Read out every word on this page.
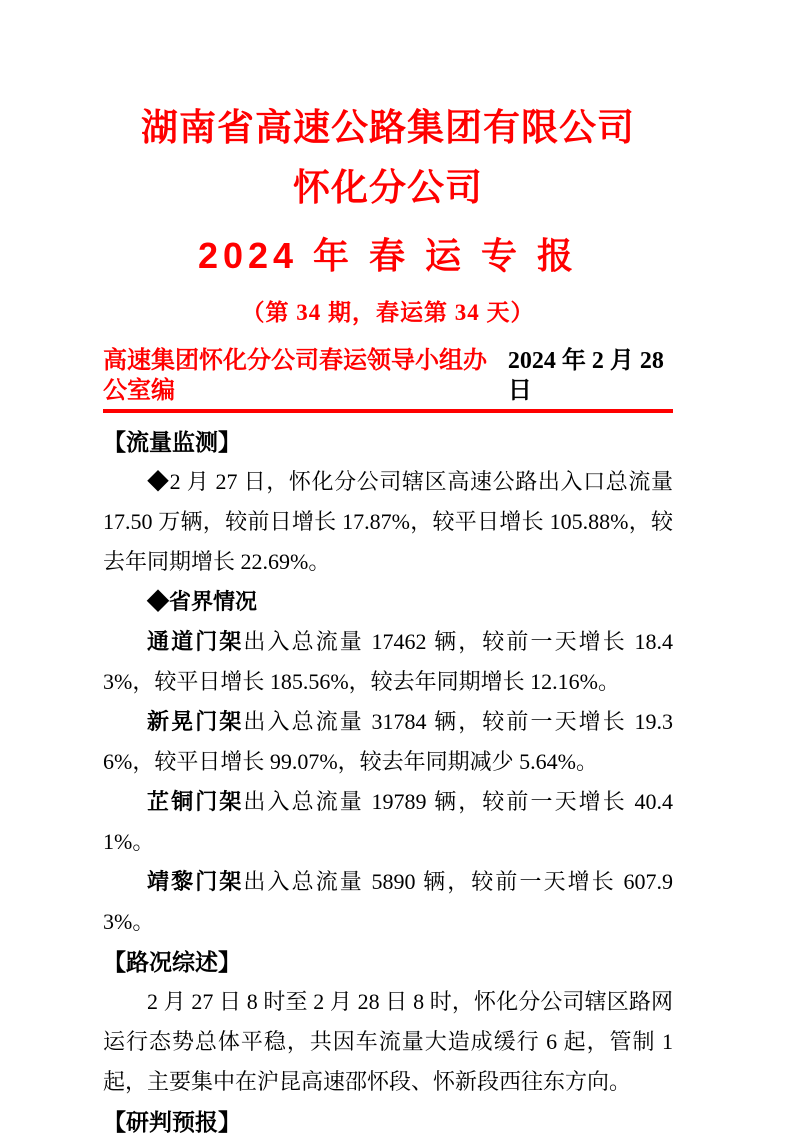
湖南省高速公路集团有限公司
怀化分公司
2024 年 春 运 专 报
（第 34 期，春运第 34 天）
高速集团怀化分公司春运领导小组办公室编
2024 年 2 月 28 日
【流量监测】

◆2 月 27 日，怀化分公司辖区高速公路出入口总流量 17.50 万辆，较前日增长 17.87%，较平日增长 105.88%，较去年同期增长 22.69%。

◆省界情况

通道门架出入总流量 17462 辆，较前一天增长 18.43%，较平日增长 185.56%，较去年同期增长 12.16%。

新晃门架出入总流量 31784 辆，较前一天增长 19.36%，较平日增长 99.07%，较去年同期减少 5.64%。

芷铜门架出入总流量 19789 辆，较前一天增长 40.41%。

靖黎门架出入总流量 5890 辆，较前一天增长 607.93%。

【路况综述】

2 月 27 日 8 时至 2 月 28 日 8 时，怀化分公司辖区路网运行态势总体平稳，共因车流量大造成缓行 6 起，管制 1 起，主要集中在沪昆高速邵怀段、怀新段西往东方向。

【研判预报】
